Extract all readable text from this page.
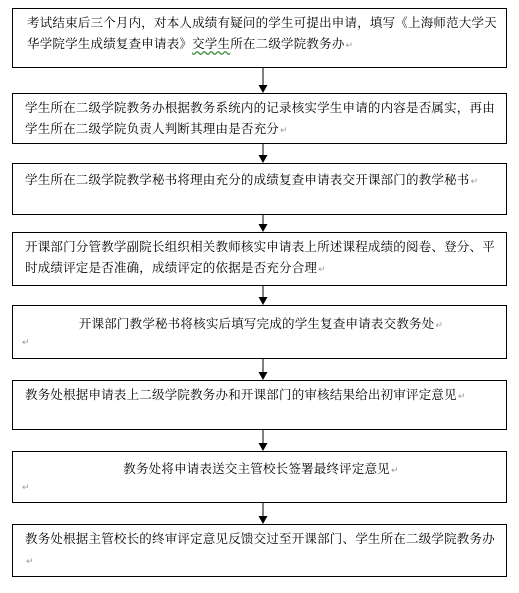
考试结束后三个月内，对本人成绩有疑问的学生可提出申请，填写《上海师范大学天华学院学生成绩复查申请表》交学生所在二级学院教务办↵
学生所在二级学院教务办根据教务系统内的记录核实学生申请的内容是否属实，再由学生所在二级学院负责人判断其理由是否充分↵
学生所在二级学院教学秘书将理由充分的成绩复查申请表交开课部门的教学秘书↵
开课部门分管教学副院长组织相关教师核实申请表上所述课程成绩的阅卷、登分、平时成绩评定是否准确，成绩评定的依据是否充分合理↵
开课部门教学秘书将核实后填写完成的学生复查申请表交教务处↵
↵
教务处根据申请表上二级学院教务办和开课部门的审核结果给出初审评定意见↵
教务处将申请表送交主管校长签署最终评定意见↵
↵
教务处根据主管校长的终审评定意见反馈交过至开课部门、学生所在二级学院教务办↵
